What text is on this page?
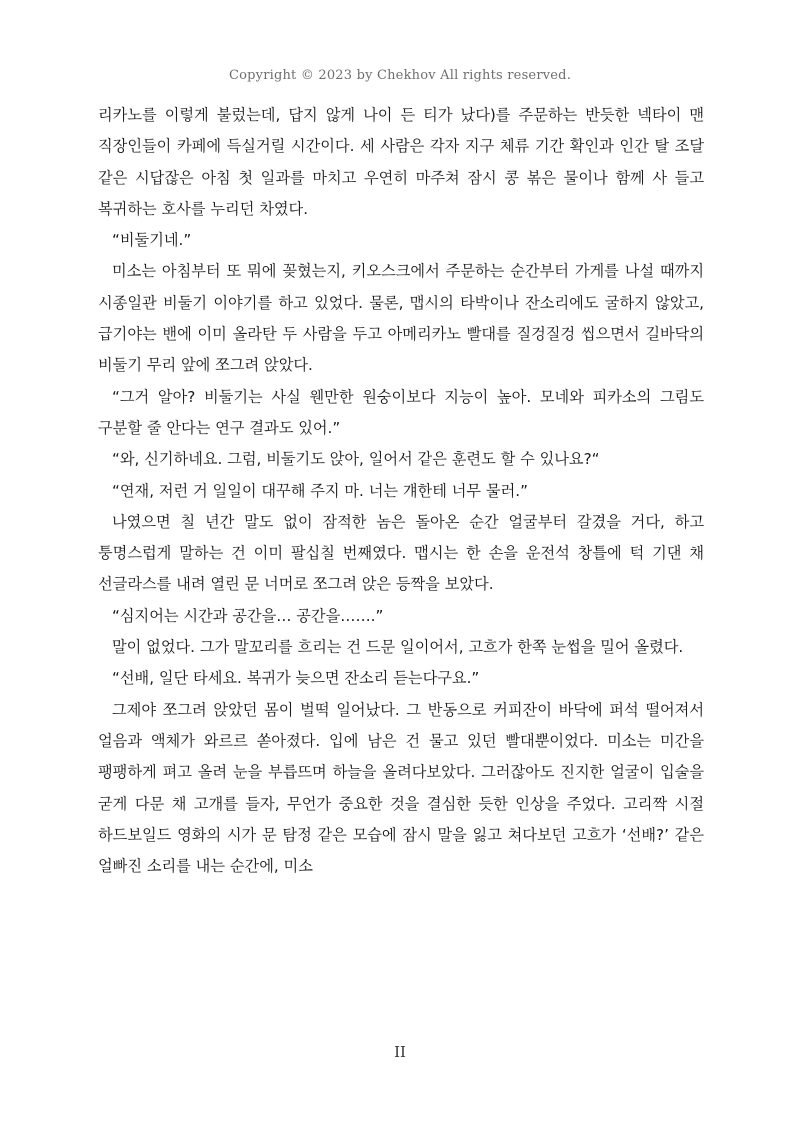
Copyright © 2023 by Chekhov All rights reserved.

리카노를 이렇게 불렀는데, 답지 않게 나이 든 티가 났다)를 주문하는 반듯한 넥타이 맨 직장인들이 카페에 득실거릴 시간이다. 세 사람은 각자 지구 체류 기간 확인과 인간 탈 조달 같은 시답잖은 아침 첫 일과를 마치고 우연히 마주쳐 잠시 콩 볶은 물이나 함께 사 들고 복귀하는 호사를 누리던 차였다.

“비둘기네.”

미소는 아침부터 또 뭐에 꽂혔는지, 키오스크에서 주문하는 순간부터 가게를 나설 때까지 시종일관 비둘기 이야기를 하고 있었다. 물론, 맵시의 타박이나 잔소리에도 굴하지 않았고, 급기야는 밴에 이미 올라탄 두 사람을 두고 아메리카노 빨대를 질겅질겅 씹으면서 길바닥의 비둘기 무리 앞에 쪼그려 앉았다.

“그거 알아? 비둘기는 사실 웬만한 원숭이보다 지능이 높아. 모네와 피카소의 그림도 구분할 줄 안다는 연구 결과도 있어.”

“와, 신기하네요. 그럼, 비둘기도 앉아, 일어서 같은 훈련도 할 수 있나요?“

“연재, 저런 거 일일이 대꾸해 주지 마. 너는 걔한테 너무 물러.”

나였으면 칠 년간 말도 없이 잠적한 놈은 돌아온 순간 얼굴부터 갈겼을 거다, 하고 퉁명스럽게 말하는 건 이미 팔십칠 번째였다. 맵시는 한 손을 운전석 창틀에 턱 기댄 채 선글라스를 내려 열린 문 너머로 쪼그려 앉은 등짝을 보았다.

“심지어는 시간과 공간을… 공간을…….”

말이 없었다. 그가 말꼬리를 흐리는 건 드문 일이어서, 고흐가 한쪽 눈썹을 밀어 올렸다.

“선배, 일단 타세요. 복귀가 늦으면 잔소리 듣는다구요.”

그제야 쪼그려 앉았던 몸이 벌떡 일어났다. 그 반동으로 커피잔이 바닥에 퍼석 떨어져서 얼음과 액체가 와르르 쏟아졌다. 입에 남은 건 물고 있던 빨대뿐이었다. 미소는 미간을 팽팽하게 펴고 올려 눈을 부릅뜨며 하늘을 올려다보았다. 그러잖아도 진지한 얼굴이 입술을 굳게 다문 채 고개를 들자, 무언가 중요한 것을 결심한 듯한 인상을 주었다. 고리짝 시절 하드보일드 영화의 시가 문 탐정 같은 모습에 잠시 말을 잃고 쳐다보던 고흐가 ‘선배?’ 같은 얼빠진 소리를 내는 순간에, 미소

II
